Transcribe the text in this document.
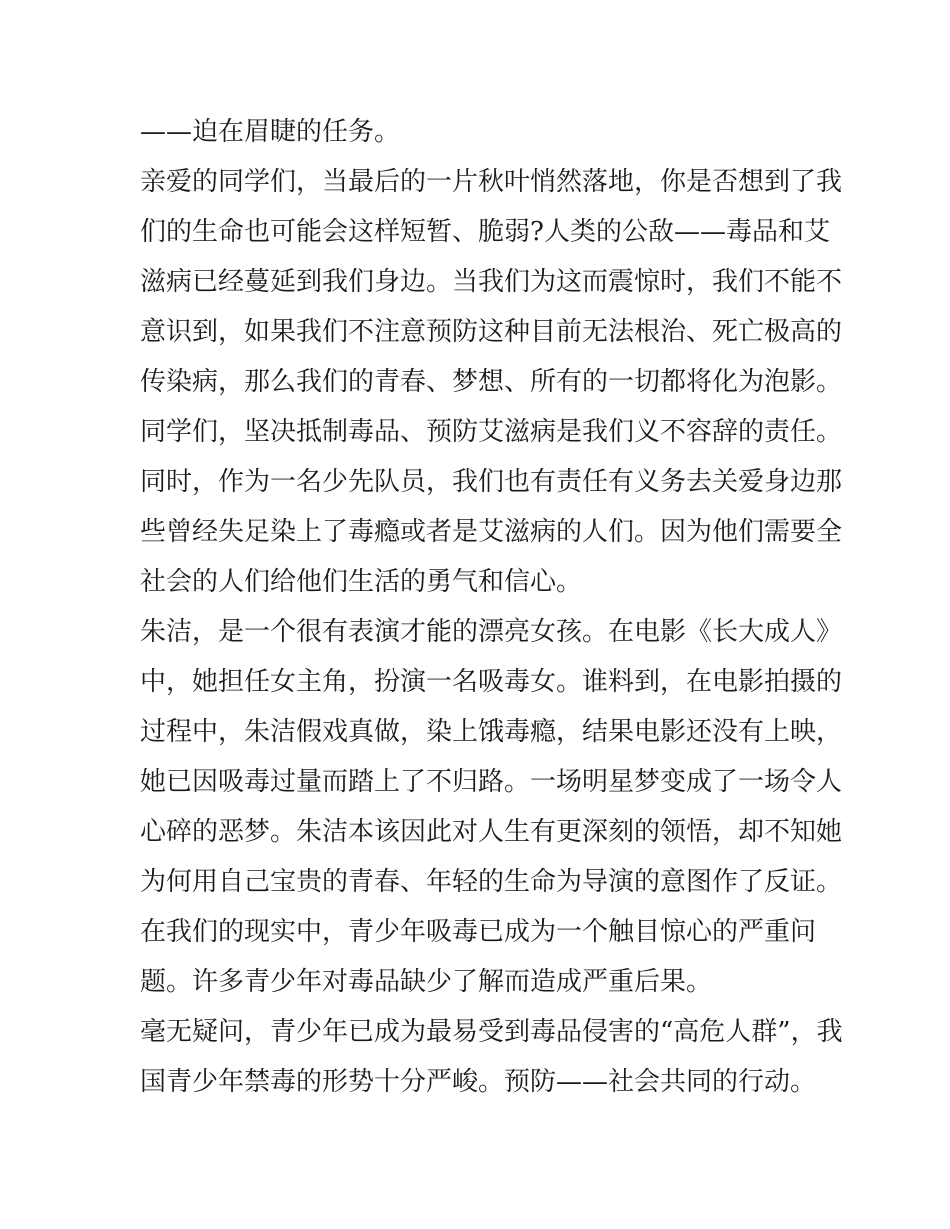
——迫在眉睫的任务。
亲爱的同学们，当最后的一片秋叶悄然落地，你是否想到了我
们的生命也可能会这样短暂、脆弱?人类的公敌——毒品和艾
滋病已经蔓延到我们身边。当我们为这而震惊时，我们不能不
意识到，如果我们不注意预防这种目前无法根治、死亡极高的
传染病，那么我们的青春、梦想、所有的一切都将化为泡影。
同学们，坚决抵制毒品、预防艾滋病是我们义不容辞的责任。
同时，作为一名少先队员，我们也有责任有义务去关爱身边那
些曾经失足染上了毒瘾或者是艾滋病的人们。因为他们需要全
社会的人们给他们生活的勇气和信心。
朱洁，是一个很有表演才能的漂亮女孩。在电影《长大成人》
中，她担任女主角，扮演一名吸毒女。谁料到，在电影拍摄的
过程中，朱洁假戏真做，染上饿毒瘾，结果电影还没有上映，
她已因吸毒过量而踏上了不归路。一场明星梦变成了一场令人
心碎的恶梦。朱洁本该因此对人生有更深刻的领悟，却不知她
为何用自己宝贵的青春、年轻的生命为导演的意图作了反证。
在我们的现实中，青少年吸毒已成为一个触目惊心的严重问
题。许多青少年对毒品缺少了解而造成严重后果。
毫无疑问，青少年已成为最易受到毒品侵害的“高危人群”，我
国青少年禁毒的形势十分严峻。预防——社会共同的行动。
